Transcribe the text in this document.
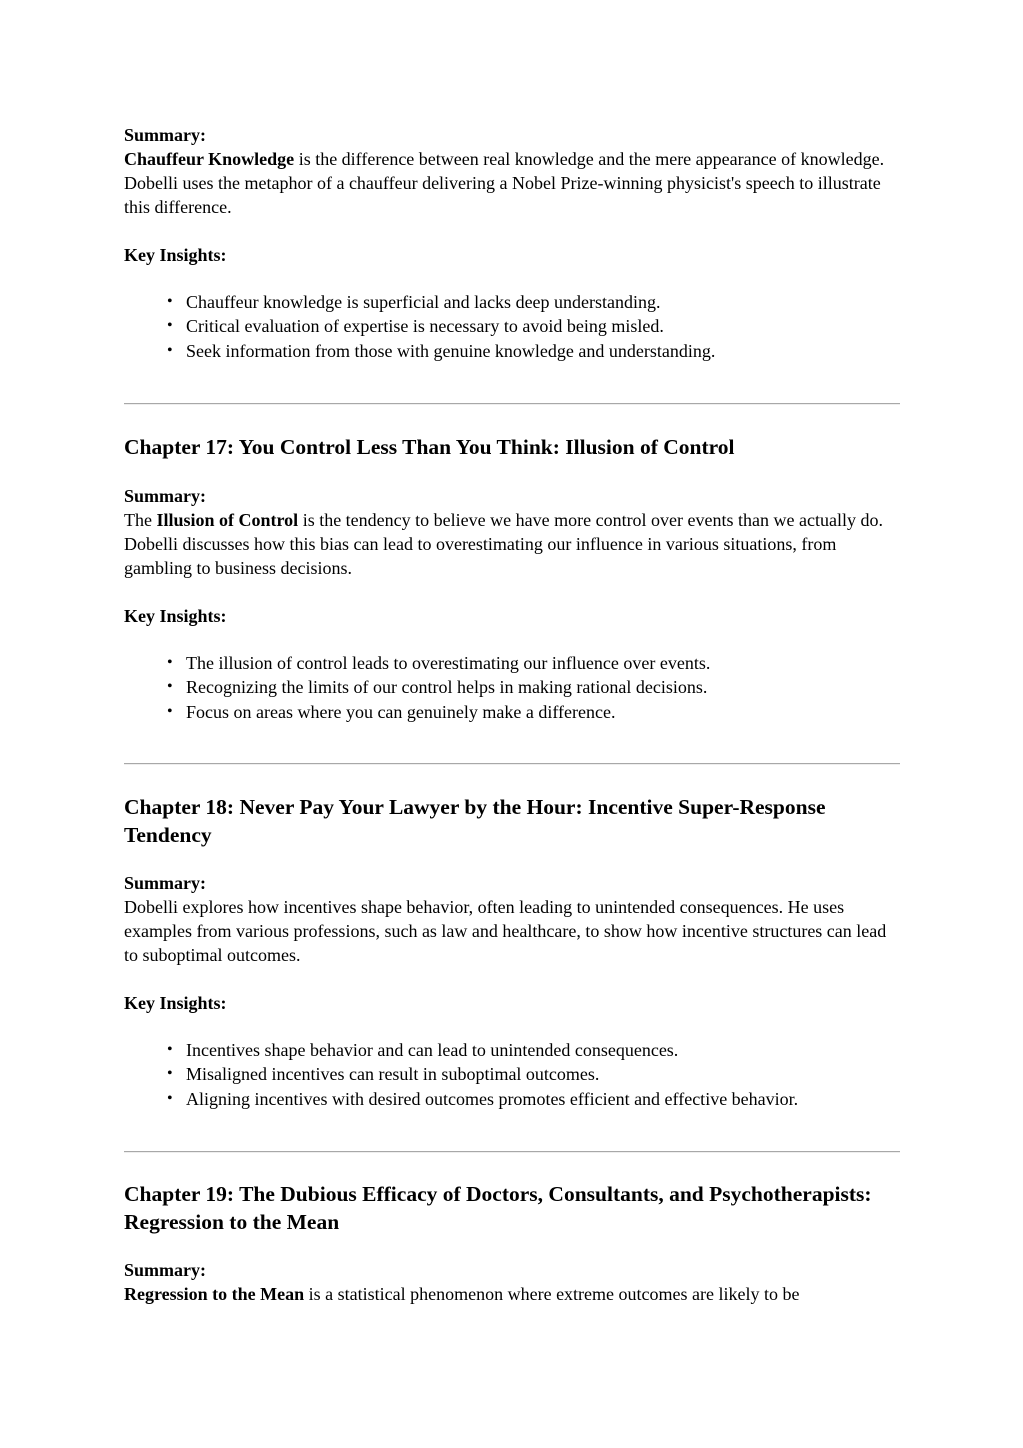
Summary:

Chauffeur Knowledge is the difference between real knowledge and the mere appearance of knowledge. Dobelli uses the metaphor of a chauffeur delivering a Nobel Prize-winning physicist's speech to illustrate this difference.

Key Insights:
• Chauffeur knowledge is superficial and lacks deep understanding.
• Critical evaluation of expertise is necessary to avoid being misled.
• Seek information from those with genuine knowledge and understanding.
Chapter 17: You Control Less Than You Think: Illusion of Control
Summary:

The Illusion of Control is the tendency to believe we have more control over events than we actually do. Dobelli discusses how this bias can lead to overestimating our influence in various situations, from gambling to business decisions.

Key Insights:
• The illusion of control leads to overestimating our influence over events.
• Recognizing the limits of our control helps in making rational decisions.
• Focus on areas where you can genuinely make a difference.
Chapter 18: Never Pay Your Lawyer by the Hour: Incentive Super-Response Tendency
Summary:

Dobelli explores how incentives shape behavior, often leading to unintended consequences. He uses examples from various professions, such as law and healthcare, to show how incentive structures can lead to suboptimal outcomes.

Key Insights:
• Incentives shape behavior and can lead to unintended consequences.
• Misaligned incentives can result in suboptimal outcomes.
• Aligning incentives with desired outcomes promotes efficient and effective behavior.
Chapter 19: The Dubious Efficacy of Doctors, Consultants, and Psychotherapists: Regression to the Mean
Summary:

Regression to the Mean is a statistical phenomenon where extreme outcomes are likely to be
